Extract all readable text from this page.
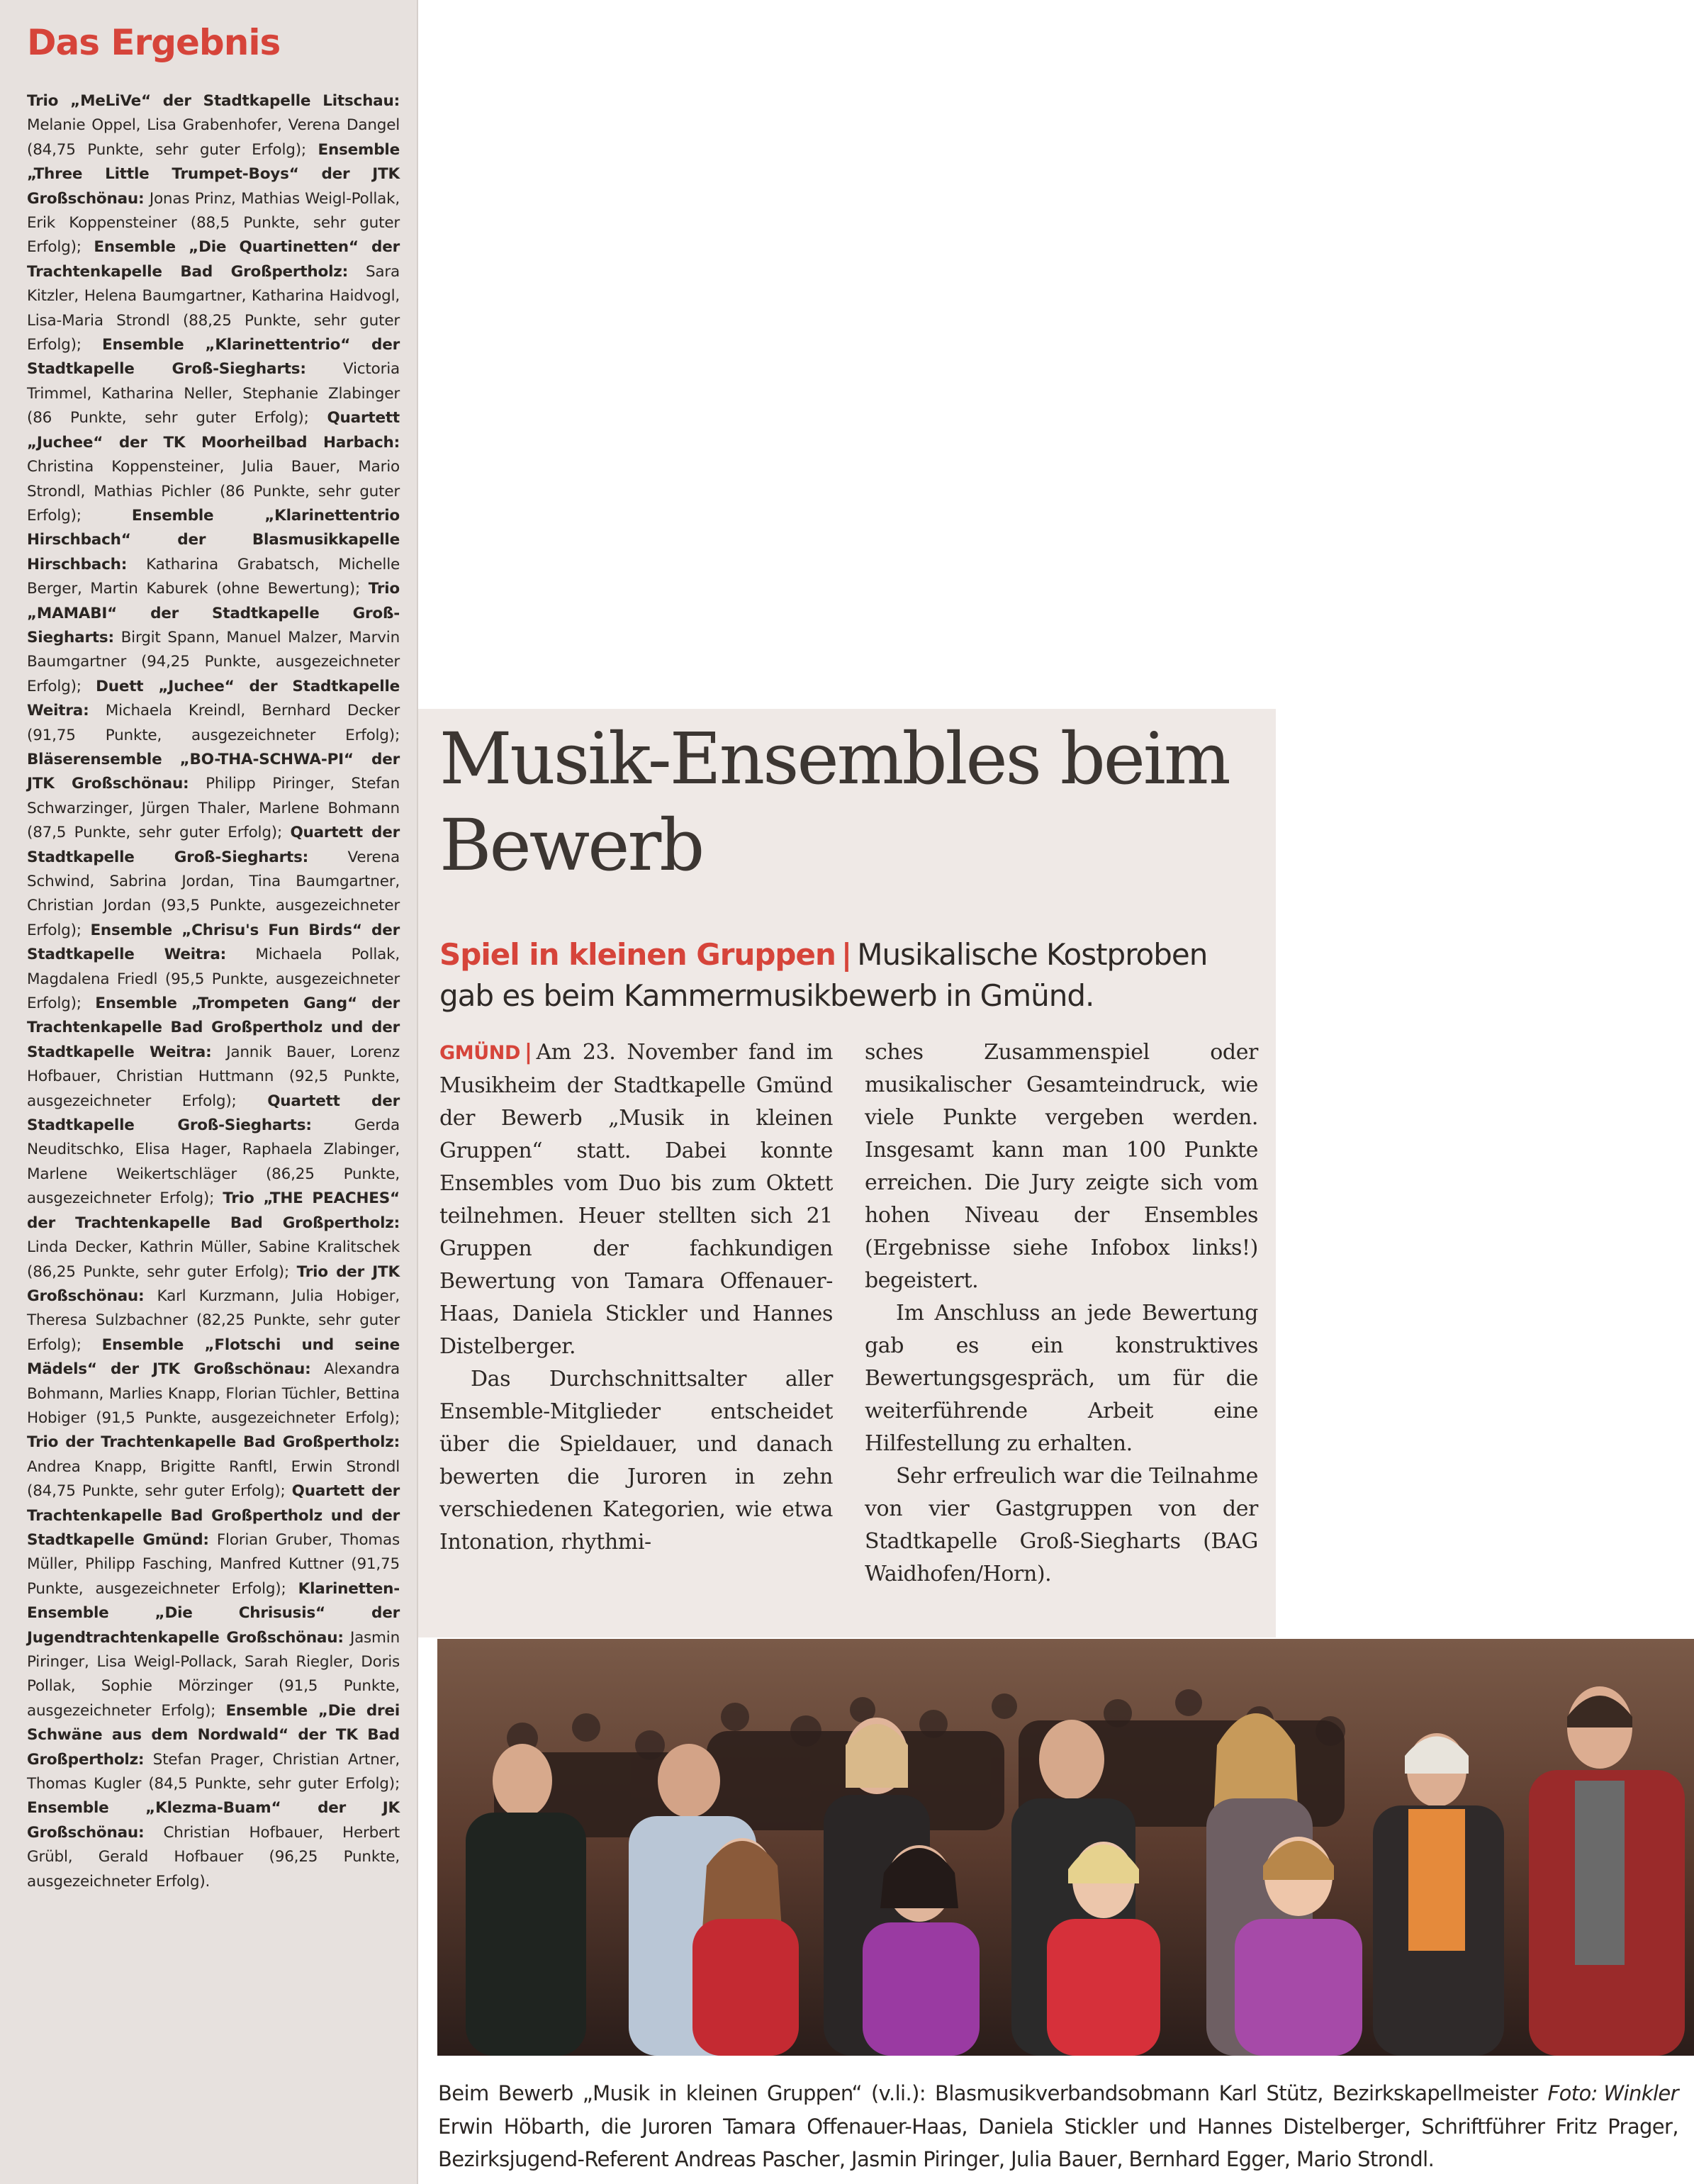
Das Ergebnis
Trio „MeLiVe“ der Stadtkapelle Litschau: Melanie Oppel, Lisa Grabenhofer, Verena Dangel (84,75 Punkte, sehr guter Erfolg); Ensemble „Three Little Trumpet-Boys“ der JTK Großschönau: Jonas Prinz, Mathias Weigl-Pollak, Erik Koppensteiner (88,5 Punkte, sehr guter Erfolg); Ensemble „Die Quartinetten“ der Trachtenkapelle Bad Großpertholz: Sara Kitzler, Helena Baumgartner, Katharina Haidvogl, Lisa-Maria Strondl (88,25 Punkte, sehr guter Erfolg); Ensemble „Klarinettentrio“ der Stadtkapelle Groß-Siegharts: Victoria Trimmel, Katharina Neller, Stephanie Zlabinger (86 Punkte, sehr guter Erfolg); Quartett „Juchee“ der TK Moorheilbad Harbach: Christina Koppensteiner, Julia Bauer, Mario Strondl, Mathias Pichler (86 Punkte, sehr guter Erfolg); Ensemble „Klarinettentrio Hirschbach“ der Blasmusikkapelle Hirschbach: Katharina Grabatsch, Michelle Berger, Martin Kaburek (ohne Bewertung); Trio „MAMABI“ der Stadtkapelle Groß-Siegharts: Birgit Spann, Manuel Malzer, Marvin Baumgartner (94,25 Punkte, ausgezeichneter Erfolg); Duett „Juchee“ der Stadtkapelle Weitra: Michaela Kreindl, Bernhard Decker (91,75 Punkte, ausgezeichneter Erfolg); Bläserensemble „BO-THA-SCHWA-PI“ der JTK Großschönau: Philipp Piringer, Stefan Schwarzinger, Jürgen Thaler, Marlene Bohmann (87,5 Punkte, sehr guter Erfolg); Quartett der Stadtkapelle Groß-Siegharts: Verena Schwind, Sabrina Jordan, Tina Baumgartner, Christian Jordan (93,5 Punkte, ausgezeichneter Erfolg); Ensemble „Chrisu's Fun Birds“ der Stadtkapelle Weitra: Michaela Pollak, Magdalena Friedl (95,5 Punkte, ausgezeichneter Erfolg); Ensemble „Trompeten Gang“ der Trachtenkapelle Bad Großpertholz und der Stadtkapelle Weitra: Jannik Bauer, Lorenz Hofbauer, Christian Huttmann (92,5 Punkte, ausgezeichneter Erfolg); Quartett der Stadtkapelle Groß-Siegharts: Gerda Neuditschko, Elisa Hager, Raphaela Zlabinger, Marlene Weikertschläger (86,25 Punkte, ausgezeichneter Erfolg); Trio „THE PEACHES“ der Trachtenkapelle Bad Großpertholz: Linda Decker, Kathrin Müller, Sabine Kralitschek (86,25 Punkte, sehr guter Erfolg); Trio der JTK Großschönau: Karl Kurzmann, Julia Hobiger, Theresa Sulzbachner (82,25 Punkte, sehr guter Erfolg); Ensemble „Flotschi und seine Mädels“ der JTK Großschönau: Alexandra Bohmann, Marlies Knapp, Florian Tüchler, Bettina Hobiger (91,5 Punkte, ausgezeichneter Erfolg); Trio der Trachtenkapelle Bad Großpertholz: Andrea Knapp, Brigitte Ranftl, Erwin Strondl (84,75 Punkte, sehr guter Erfolg); Quartett der Trachtenkapelle Bad Großpertholz und der Stadtkapelle Gmünd: Florian Gruber, Thomas Müller, Philipp Fasching, Manfred Kuttner (91,75 Punkte, ausgezeichneter Erfolg); Klarinetten-Ensemble „Die Chrisusis“ der Jugendtrachtenkapelle Großschönau: Jasmin Piringer, Lisa Weigl-Pollack, Sarah Riegler, Doris Pollak, Sophie Mörzinger (91,5 Punkte, ausgezeichneter Erfolg); Ensemble „Die drei Schwäne aus dem Nordwald“ der TK Bad Großpertholz: Stefan Prager, Christian Artner, Thomas Kugler (84,5 Punkte, sehr guter Erfolg); Ensemble „Klezma-Buam“ der JK Großschönau: Christian Hofbauer, Herbert Grübl, Gerald Hofbauer (96,25 Punkte, ausgezeichneter Erfolg).
Musik-Ensembles beim Bewerb
Spiel in kleinen Gruppen | Musikalische Kostproben gab es beim Kammermusikbewerb in Gmünd.

GMÜND | Am 23. November fand im Musikheim der Stadtkapelle Gmünd der Bewerb „Musik in kleinen Gruppen“ statt. Dabei konnte Ensembles vom Duo bis zum Oktett teilnehmen. Heuer stellten sich 21 Gruppen der fachkundigen Bewertung von Tamara Offenauer-Haas, Daniela Stickler und Hannes Distelberger.

Das Durchschnittsalter aller Ensemble-Mitglieder entscheidet über die Spieldauer, und danach bewerten die Juroren in zehn verschiedenen Kategorien, wie etwa Intonation, rhythmi-

sches Zusammenspiel oder musikalischer Gesamteindruck, wie viele Punkte vergeben werden. Insgesamt kann man 100 Punkte erreichen. Die Jury zeigte sich vom hohen Niveau der Ensembles (Ergebnisse siehe Infobox links!) begeistert.

Im Anschluss an jede Bewertung gab es ein konstruktives Bewertungsgespräch, um für die weiterführende Arbeit eine Hilfestellung zu erhalten.

Sehr erfreulich war die Teilnahme von vier Gastgruppen von der Stadtkapelle Groß-Siegharts (BAG Waidhofen/Horn).

Foto: Winkler
Beim Bewerb „Musik in kleinen Gruppen“ (v.li.): Blasmusikverbandsobmann Karl Stütz, Bezirkskapellmeister Erwin Höbarth, die Juroren Tamara Offenauer-Haas, Daniela Stickler und Hannes Distelberger, Schriftführer Fritz Prager, Bezirksjugend-Referent Andreas Pascher, Jasmin Piringer, Julia Bauer, Bernhard Egger, Mario Strondl.
